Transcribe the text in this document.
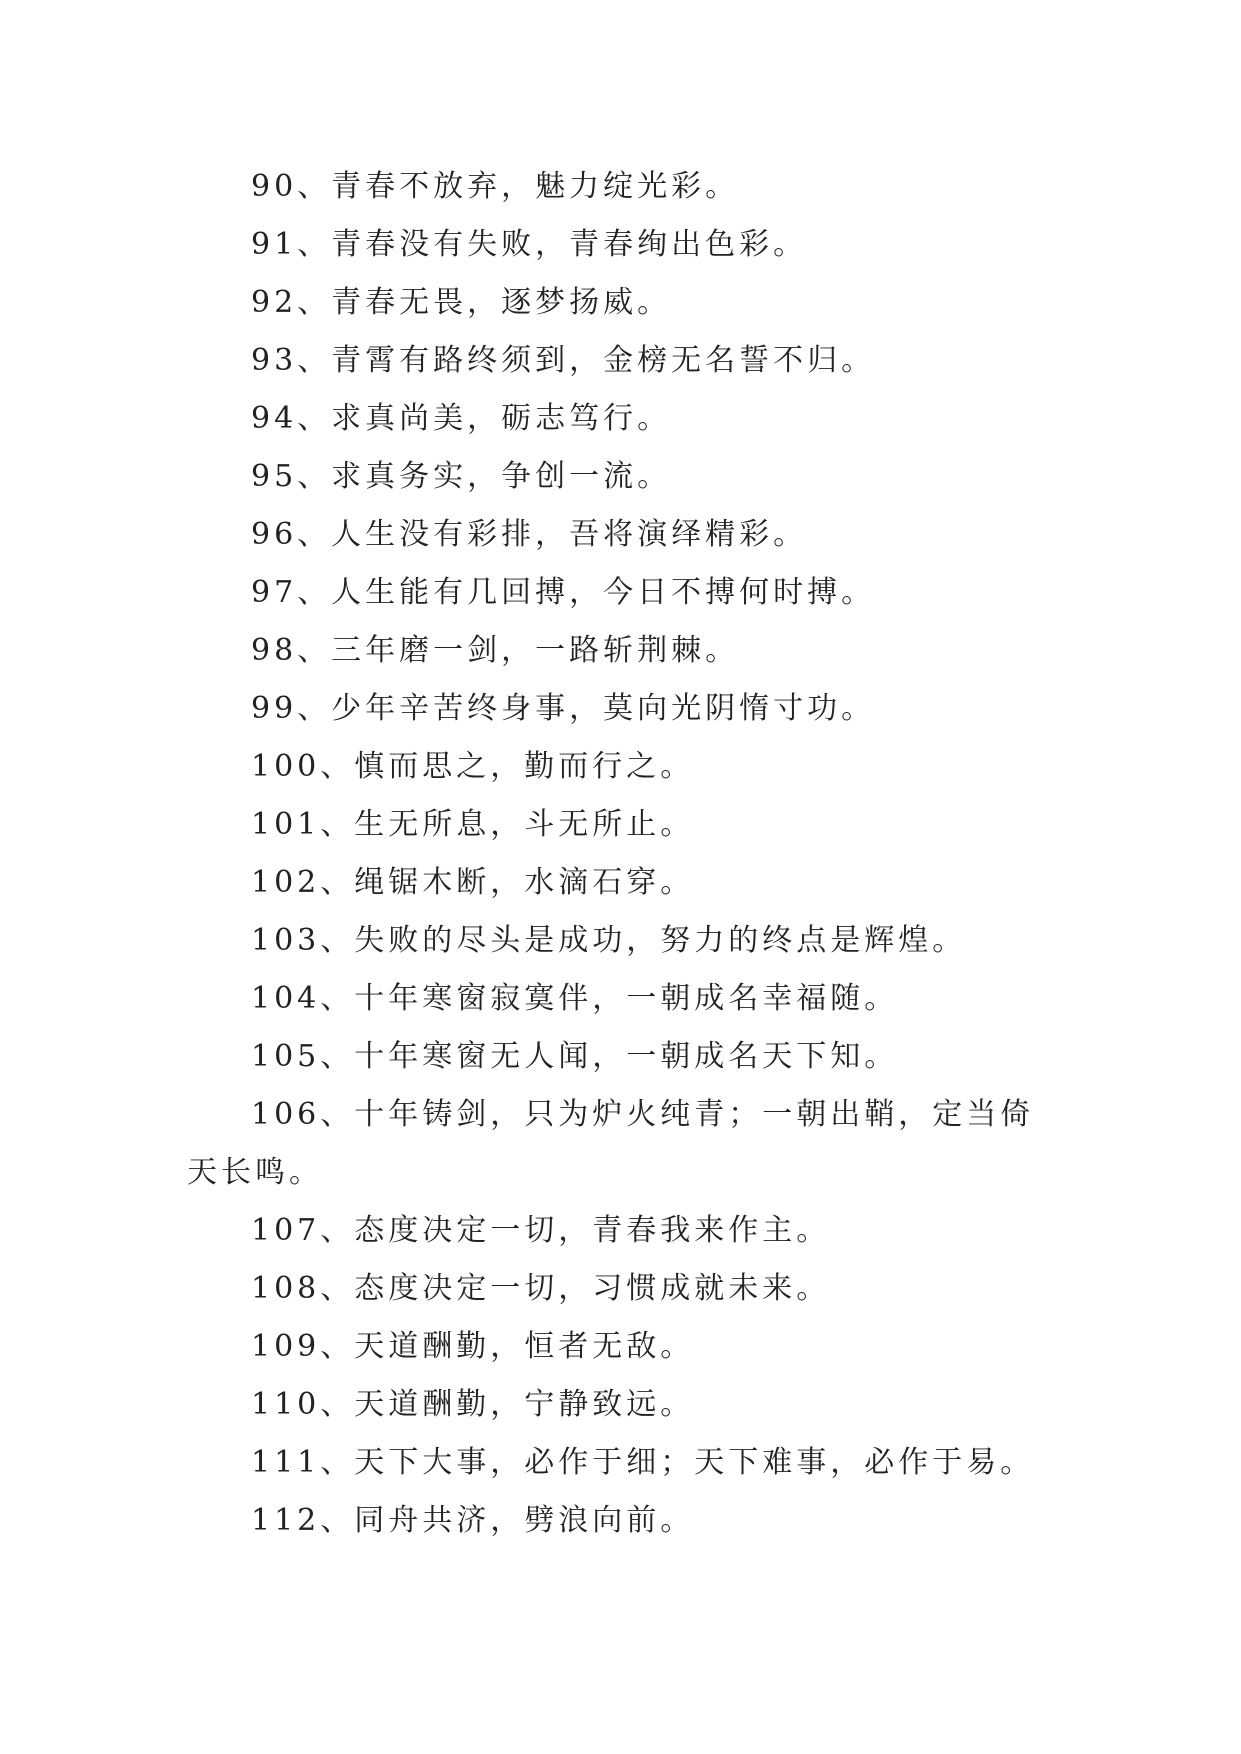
90、青春不放弃，魅力绽光彩。

91、青春没有失败，青春绚出色彩。

92、青春无畏，逐梦扬威。

93、青霄有路终须到，金榜无名誓不归。

94、求真尚美，砺志笃行。

95、求真务实，争创一流。

96、人生没有彩排，吾将演绎精彩。

97、人生能有几回搏，今日不搏何时搏。

98、三年磨一剑，一路斩荆棘。

99、少年辛苦终身事，莫向光阴惰寸功。

100、慎而思之，勤而行之。

101、生无所息，斗无所止。

102、绳锯木断，水滴石穿。

103、失败的尽头是成功，努力的终点是辉煌。

104、十年寒窗寂寞伴，一朝成名幸福随。

105、十年寒窗无人闻，一朝成名天下知。

106、十年铸剑，只为炉火纯青；一朝出鞘，定当倚天长鸣。

107、态度决定一切，青春我来作主。

108、态度决定一切，习惯成就未来。

109、天道酬勤，恒者无敌。

110、天道酬勤，宁静致远。

111、天下大事，必作于细；天下难事，必作于易。

112、同舟共济，劈浪向前。
